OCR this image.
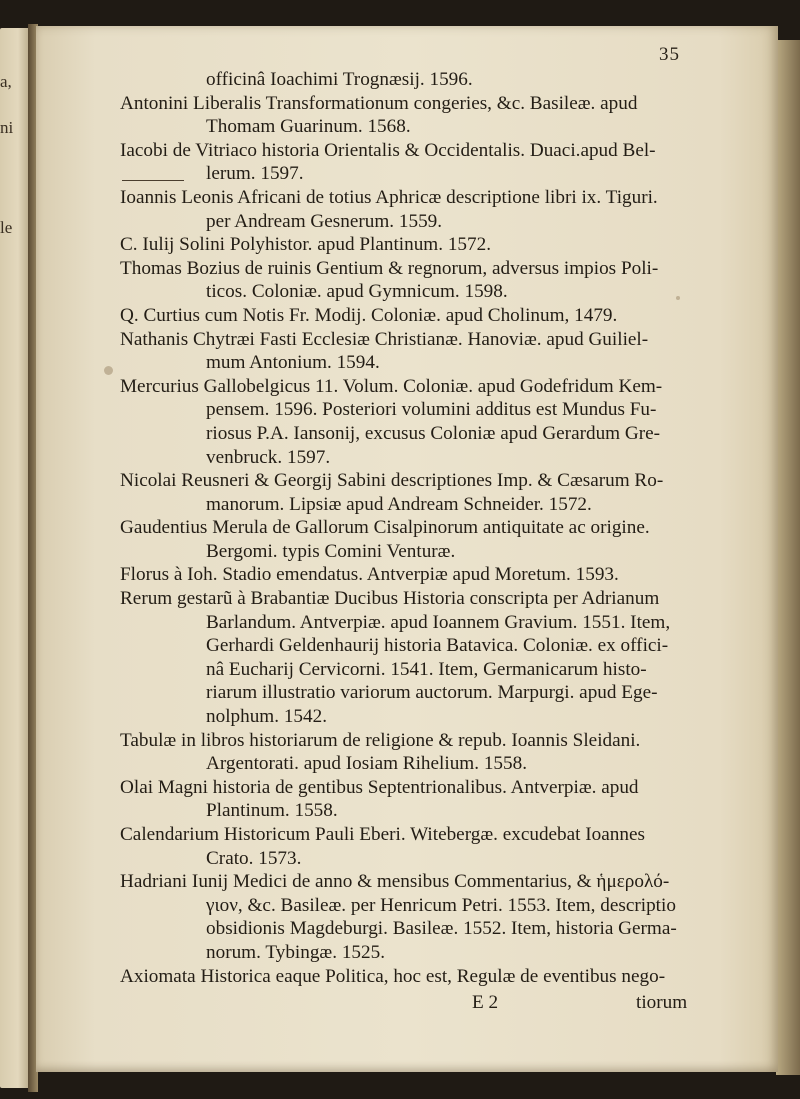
a,
ni
le
35
officinâ Ioachimi Trognæsij. 1596.
Antonini Liberalis Transformationum congeries, &c. Basileæ. apud
Thomam Guarinum. 1568.
Iacobi de Vitriaco historia Orientalis & Occidentalis. Duaci.apud Bel-
lerum. 1597.
Ioannis Leonis Africani de totius Aphricæ descriptione libri ix. Tiguri.
per Andream Gesnerum. 1559.
C. Iulij Solini Polyhistor. apud Plantinum. 1572.
Thomas Bozius de ruinis Gentium & regnorum, adversus impios Poli-
ticos. Coloniæ. apud Gymnicum. 1598.
Q. Curtius cum Notis Fr. Modij. Coloniæ. apud Cholinum, 1479.
Nathanis Chytræi Fasti Ecclesiæ Christianæ. Hanoviæ. apud Guiliel-
mum Antonium. 1594.
Mercurius Gallobelgicus 11. Volum. Coloniæ. apud Godefridum Kem-
pensem. 1596. Posteriori volumini additus est Mundus Fu-
riosus P.A. Iansonij, excusus Coloniæ apud Gerardum Gre-
venbruck. 1597.
Nicolai Reusneri & Georgij Sabini descriptiones Imp. & Cæsarum Ro-
manorum. Lipsiæ apud Andream Schneider. 1572.
Gaudentius Merula de Gallorum Cisalpinorum antiquitate ac origine.
Bergomi. typis Comini Venturæ.
Florus à Ioh. Stadio emendatus. Antverpiæ apud Moretum. 1593.
Rerum gestarũ à Brabantiæ Ducibus Historia conscripta per Adrianum
Barlandum. Antverpiæ. apud Ioannem Gravium. 1551. Item,
Gerhardi Geldenhaurij historia Batavica. Coloniæ. ex offici-
nâ Eucharij Cervicorni. 1541. Item, Germanicarum histo-
riarum illustratio variorum auctorum. Marpurgi. apud Ege-
nolphum. 1542.
Tabulæ in libros historiarum de religione & repub. Ioannis Sleidani.
Argentorati. apud Iosiam Rihelium. 1558.
Olai Magni historia de gentibus Septentrionalibus. Antverpiæ. apud
Plantinum. 1558.
Calendarium Historicum Pauli Eberi. Witebergæ. excudebat Ioannes
Crato. 1573.
Hadriani Iunij Medici de anno & mensibus Commentarius, & ἡμερολό-
γιον, &c. Basileæ. per Henricum Petri. 1553. Item, descriptio
obsidionis Magdeburgi. Basileæ. 1552. Item, historia Germa-
norum. Tybingæ. 1525.
Axiomata Historica eaque Politica, hoc est, Regulæ de eventibus nego-
E 2	tiorum
